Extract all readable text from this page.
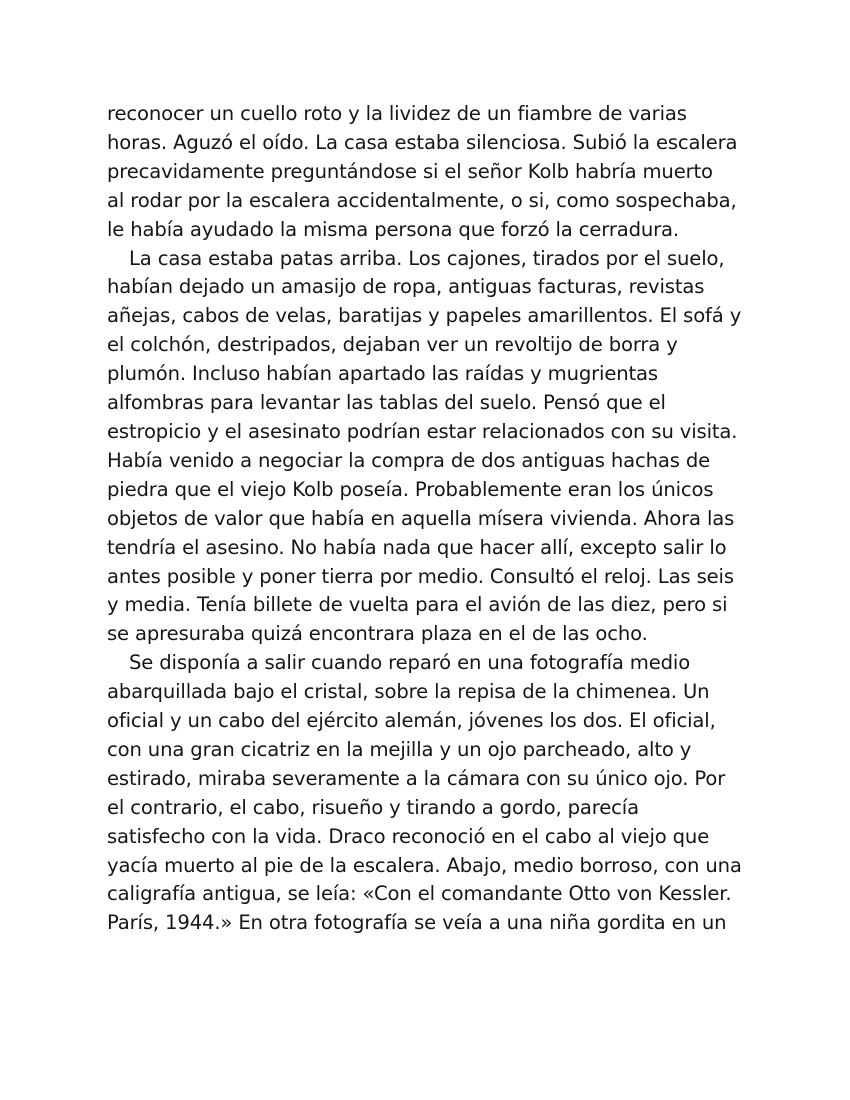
reconocer un cuello roto y la lividez de un fiambre de varias
horas. Aguzó el oído. La casa estaba silenciosa. Subió la escalera
precavidamente preguntándose si el señor Kolb habría muerto
al rodar por la escalera accidentalmente, o si, como sospechaba,
le había ayudado la misma persona que forzó la cerradura.
La casa estaba patas arriba. Los cajones, tirados por el suelo,
habían dejado un amasijo de ropa, antiguas facturas, revistas
añejas, cabos de velas, baratijas y papeles amarillentos. El sofá y
el colchón, destripados, dejaban ver un revoltijo de borra y
plumón. Incluso habían apartado las raídas y mugrientas
alfombras para levantar las tablas del suelo. Pensó que el
estropicio y el asesinato podrían estar relacionados con su visita.
Había venido a negociar la compra de dos antiguas hachas de
piedra que el viejo Kolb poseía. Probablemente eran los únicos
objetos de valor que había en aquella mísera vivienda. Ahora las
tendría el asesino. No había nada que hacer allí, excepto salir lo
antes posible y poner tierra por medio. Consultó el reloj. Las seis
y media. Tenía billete de vuelta para el avión de las diez, pero si
se apresuraba quizá encontrara plaza en el de las ocho.
Se disponía a salir cuando reparó en una fotografía medio
abarquillada bajo el cristal, sobre la repisa de la chimenea. Un
oficial y un cabo del ejército alemán, jóvenes los dos. El oficial,
con una gran cicatriz en la mejilla y un ojo parcheado, alto y
estirado, miraba severamente a la cámara con su único ojo. Por
el contrario, el cabo, risueño y tirando a gordo, parecía
satisfecho con la vida. Draco reconoció en el cabo al viejo que
yacía muerto al pie de la escalera. Abajo, medio borroso, con una
caligrafía antigua, se leía: «Con el comandante Otto von Kessler.
París, 1944.» En otra fotografía se veía a una niña gordita en un
